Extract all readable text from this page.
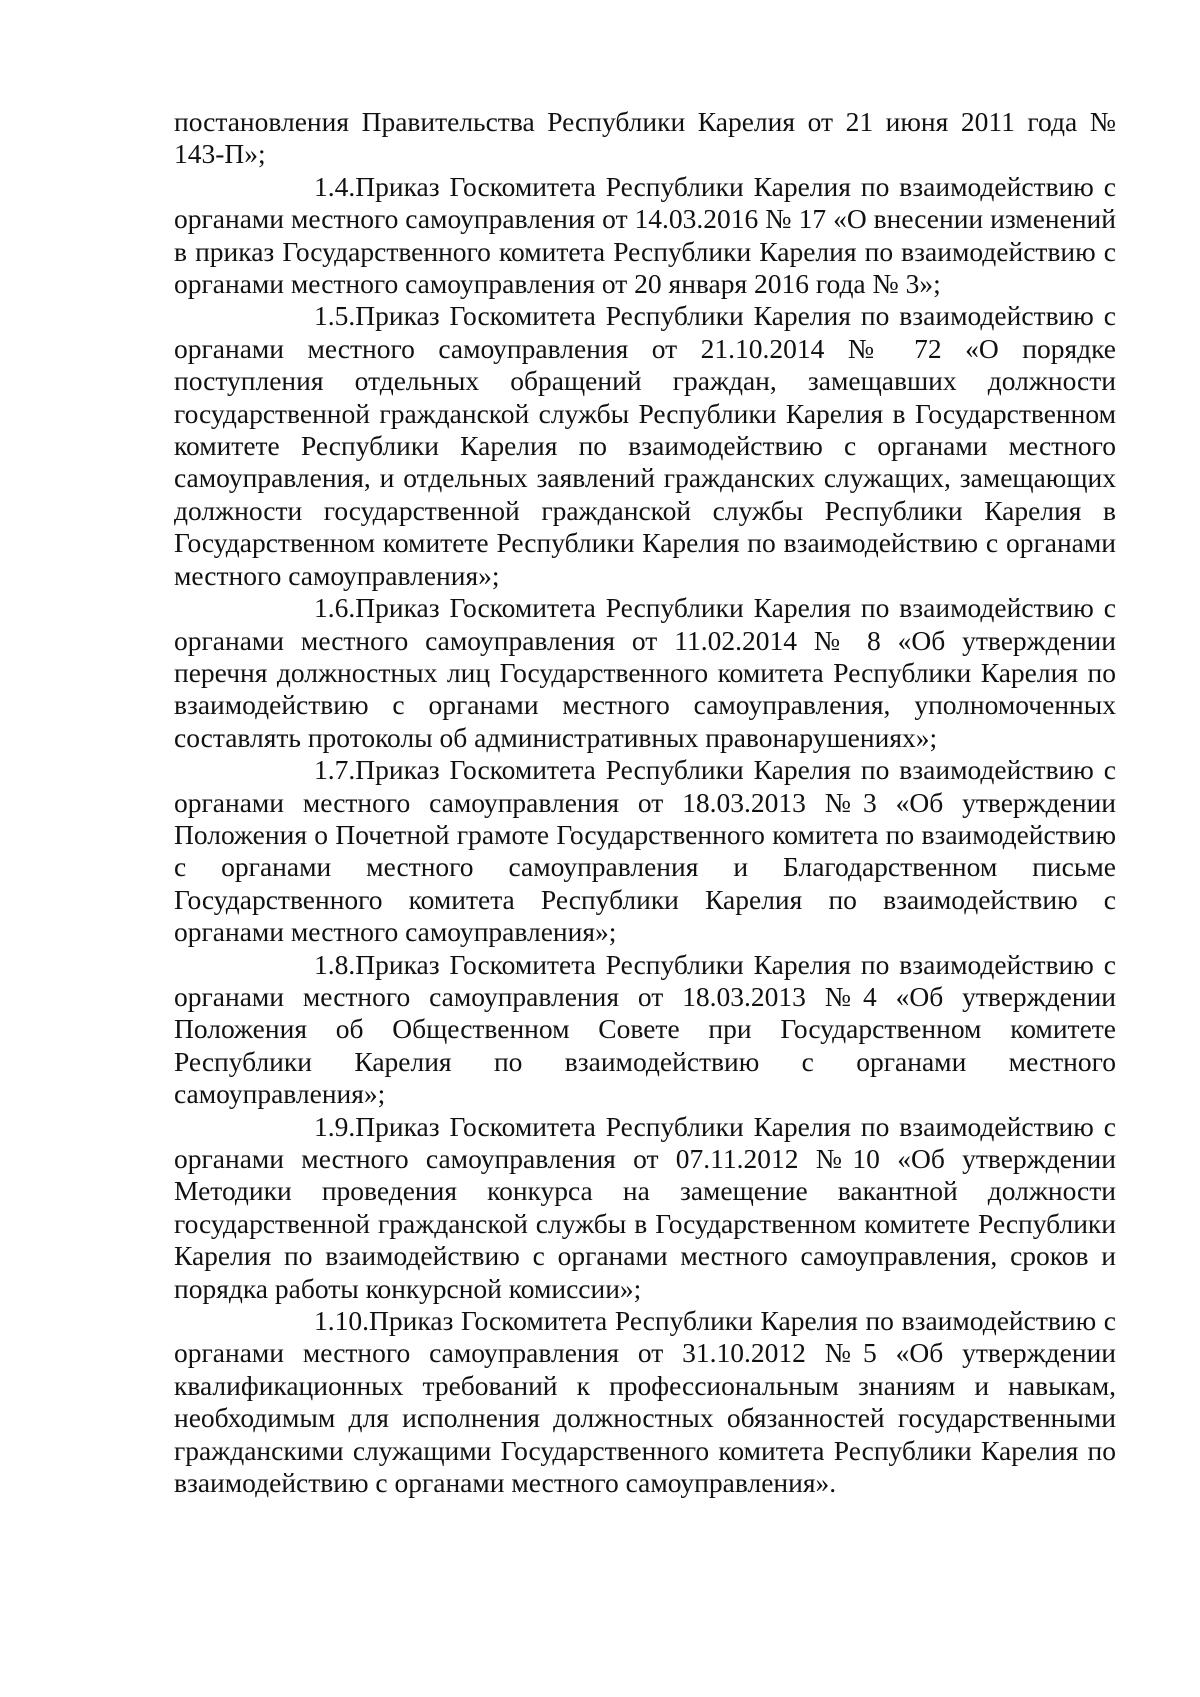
постановления Правительства Республики Карелия от 21 июня 2011 года № 143-П»;

1.4.Приказ Госкомитета Республики Карелия по взаимодействию с органами местного самоуправления от 14.03.2016 № 17 «О внесении изменений в приказ Государственного комитета Республики Карелия по взаимодействию с органами местного самоуправления от 20 января 2016 года № 3»;

1.5.Приказ Госкомитета Республики Карелия по взаимодействию с органами местного самоуправления от 21.10.2014 № 72 «О порядке поступления отдельных обращений граждан, замещавших должности государственной гражданской службы Республики Карелия в Государственном комитете Республики Карелия по взаимодействию с органами местного самоуправления, и отдельных заявлений гражданских служащих, замещающих должности государственной гражданской службы Республики Карелия в Государственном комитете Республики Карелия по взаимодействию с органами местного самоуправления»;

1.6.Приказ Госкомитета Республики Карелия по взаимодействию с органами местного самоуправления от 11.02.2014 № 8 «Об утверждении перечня должностных лиц Государственного комитета Республики Карелия по взаимодействию с органами местного самоуправления, уполномоченных составлять протоколы об административных правонарушениях»;

1.7.Приказ Госкомитета Республики Карелия по взаимодействию с органами местного самоуправления от 18.03.2013 №3 «Об утверждении Положения о Почетной грамоте Государственного комитета по взаимодействию с органами местного самоуправления и Благодарственном письме Государственного комитета Республики Карелия по взаимодействию с органами местного самоуправления»;

1.8.Приказ Госкомитета Республики Карелия по взаимодействию с органами местного самоуправления от 18.03.2013 №4 «Об утверждении Положения об Общественном Совете при Государственном комитете Республики Карелия по взаимодействию с органами местного самоуправления»;

1.9.Приказ Госкомитета Республики Карелия по взаимодействию с органами местного самоуправления от 07.11.2012 №10 «Об утверждении Методики проведения конкурса на замещение вакантной должности государственной гражданской службы в Государственном комитете Республики Карелия по взаимодействию с органами местного самоуправления, сроков и порядка работы конкурсной комиссии»;

1.10.Приказ Госкомитета Республики Карелия по взаимодействию с органами местного самоуправления от 31.10.2012 №5 «Об утверждении квалификационных требований к профессиональным знаниям и навыкам, необходимым для исполнения должностных обязанностей государственными гражданскими служащими Государственного комитета Республики Карелия по взаимодействию с органами местного самоуправления».
